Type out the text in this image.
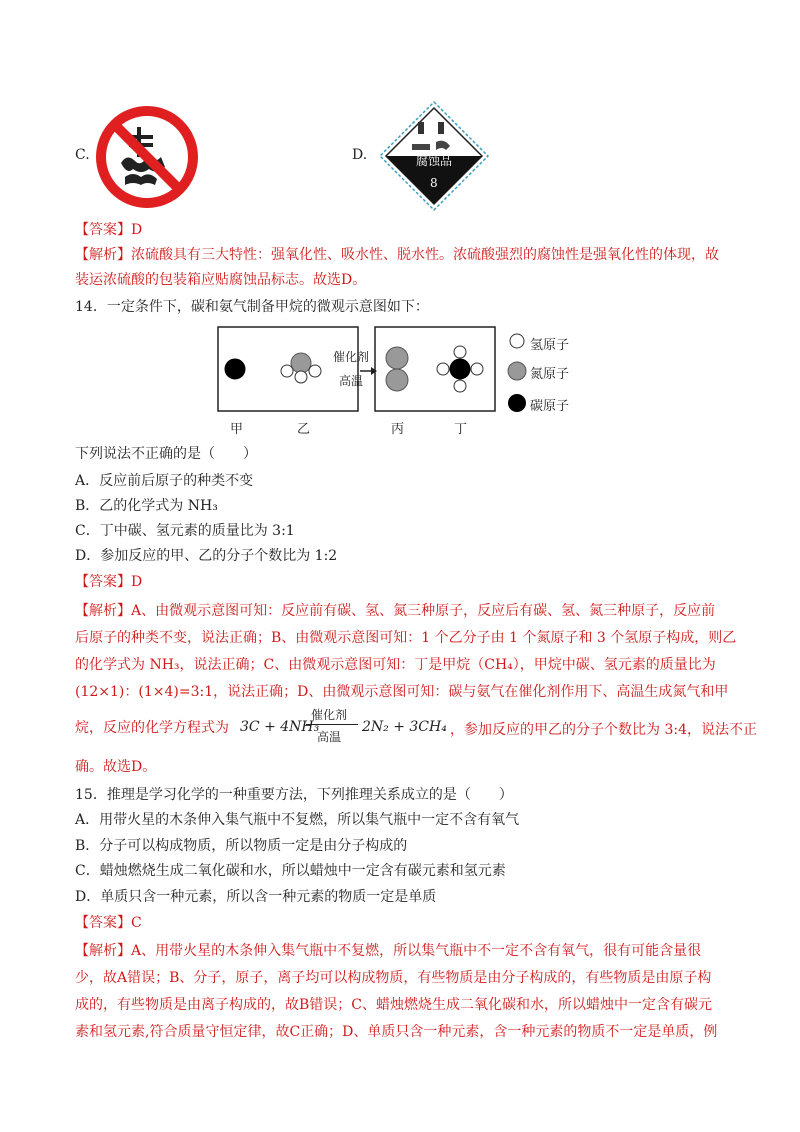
C.	D.	腐蚀品
8
【答案】D
【解析】浓硫酸具有三大特性：强氧化性、吸水性、脱水性。浓硫酸强烈的腐蚀性是强氧化性的体现，故
装运浓硫酸的包装箱应贴腐蚀品标志。故选D。
14．一定条件下，碳和氨气制备甲烷的微观示意图如下：
催化剂
高温
氢原子
氮原子
碳原子
甲	乙	丙	丁
下列说法不正确的是（　　）
A．反应前后原子的种类不变
B．乙的化学式为 NH₃
C．丁中碳、氢元素的质量比为 3:1
D．参加反应的甲、乙的分子个数比为 1:2
【答案】D
【解析】A、由微观示意图可知：反应前有碳、氢、氮三种原子，反应后有碳、氢、氮三种原子，反应前
后原子的种类不变，说法正确；B、由微观示意图可知：1 个乙分子由 1 个氮原子和 3 个氢原子构成，则乙
的化学式为 NH₃，说法正确；C、由微观示意图可知：丁是甲烷（CH₄），甲烷中碳、氢元素的质量比为
(12×1)：(1×4)=3:1，说法正确；D、由微观示意图可知：碳与氨气在催化剂作用下、高温生成氮气和甲
烷，反应的化学方程式为 3C + 4NH₃
催化剂
高温
2N₂ + 3CH₄ ，参加反应的甲乙的分子个数比为 3:4，说法不正
确。故选D。
15．推理是学习化学的一种重要方法，下列推理关系成立的是（　　）
A．用带火星的木条伸入集气瓶中不复燃，所以集气瓶中一定不含有氧气
B．分子可以构成物质，所以物质一定是由分子构成的
C．蜡烛燃烧生成二氧化碳和水，所以蜡烛中一定含有碳元素和氢元素
D．单质只含一种元素，所以含一种元素的物质一定是单质
【答案】C
【解析】A、用带火星的木条伸入集气瓶中不复燃，所以集气瓶中不一定不含有氧气，很有可能含量很
少，故A错误；B、分子，原子，离子均可以构成物质，有些物质是由分子构成的，有些物质是由原子构
成的，有些物质是由离子构成的，故B错误；C、蜡烛燃烧生成二氧化碳和水，所以蜡烛中一定含有碳元
素和氢元素,符合质量守恒定律，故C正确；D、单质只含一种元素，含一种元素的物质不一定是单质，例
